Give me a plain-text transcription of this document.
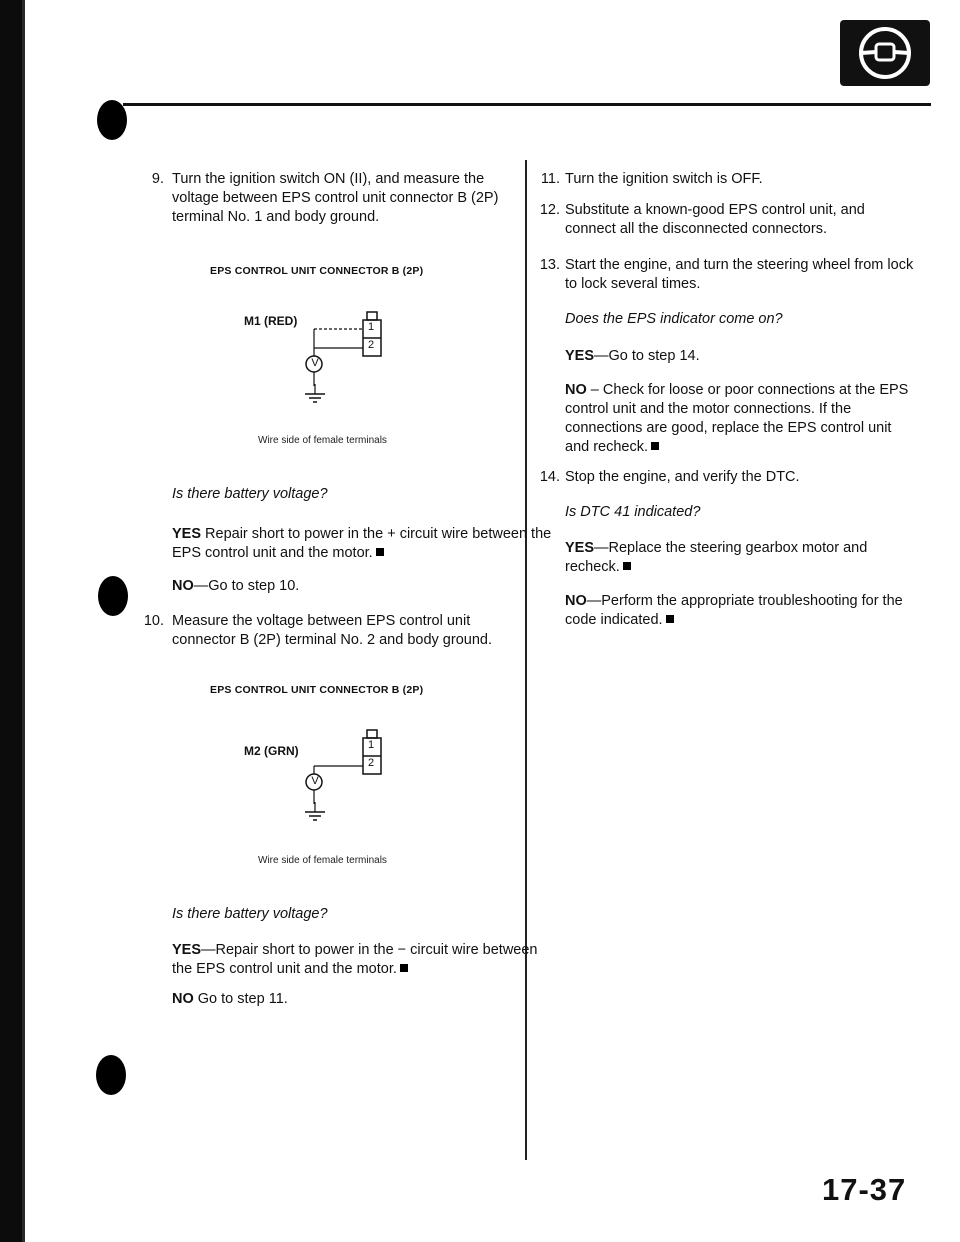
9. Turn the ignition switch ON (II), and measure the voltage between EPS control unit connector B (2P) terminal No. 1 and body ground.
EPS CONTROL UNIT CONNECTOR B (2P)
M1 (RED)	1
2
V
Wire side of female terminals
Is there battery voltage?
YES Repair short to power in the + circuit wire between the EPS control unit and the motor.
NO—Go to step 10.
10. Measure the voltage between EPS control unit connector B (2P) terminal No. 2 and body ground.
EPS CONTROL UNIT CONNECTOR B (2P)
M2 (GRN)	1
2
V
Wire side of female terminals
Is there battery voltage?
YES—Repair short to power in the − circuit wire between the EPS control unit and the motor.
NO Go to step 11.
11. Turn the ignition switch is OFF.
12. Substitute a known-good EPS control unit, and connect all the disconnected connectors.
13. Start the engine, and turn the steering wheel from lock to lock several times.
Does the EPS indicator come on?
YES—Go to step 14.
NO – Check for loose or poor connections at the EPS control unit and the motor connections. If the connections are good, replace the EPS control unit and recheck.
14. Stop the engine, and verify the DTC.
Is DTC 41 indicated?
YES—Replace the steering gearbox motor and recheck.
NO—Perform the appropriate troubleshooting for the code indicated.
17-37
